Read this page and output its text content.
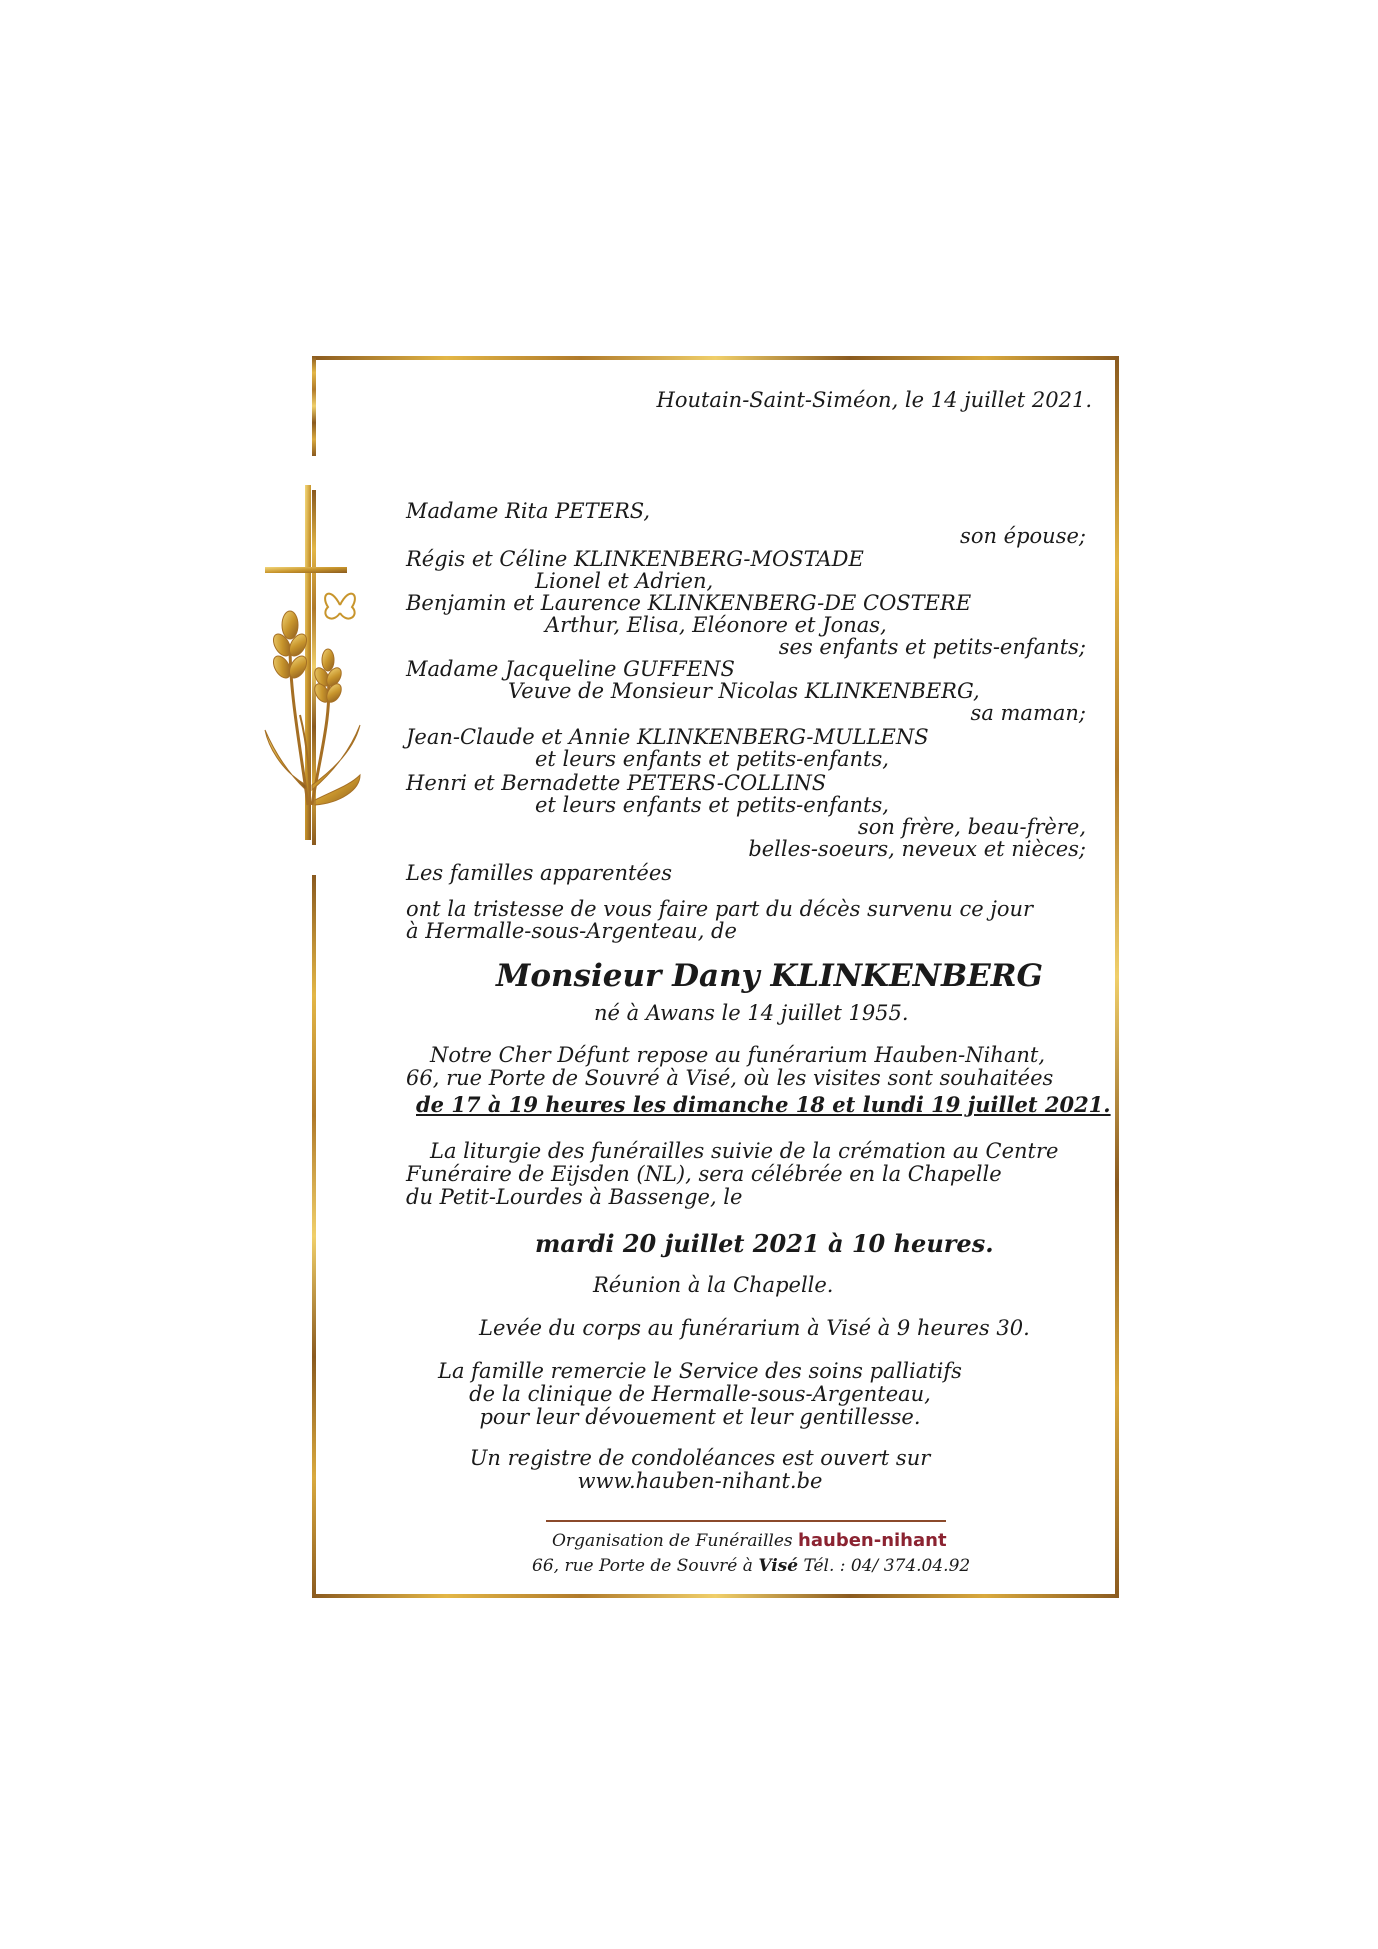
Houtain-Saint-Siméon, le 14 juillet 2021.
Madame Rita PETERS,
son épouse;
Régis et Céline KLINKENBERG-MOSTADE
Lionel et Adrien,
Benjamin et Laurence KLINKENBERG-DE COSTERE
Arthur, Elisa, Eléonore et Jonas,
ses enfants et petits-enfants;
Madame Jacqueline GUFFENS
Veuve de Monsieur Nicolas KLINKENBERG,
sa maman;
Jean-Claude et Annie KLINKENBERG-MULLENS
et leurs enfants et petits-enfants,
Henri et Bernadette PETERS-COLLINS
et leurs enfants et petits-enfants,
son frère, beau-frère,
belles-soeurs, neveux et nièces;
Les familles apparentées
ont la tristesse de vous faire part du décès survenu ce jour
à Hermalle-sous-Argenteau, de
Monsieur Dany KLINKENBERG
né à Awans le 14 juillet 1955.
Notre Cher Défunt repose au funérarium Hauben-Nihant,
66, rue Porte de Souvré à Visé, où les visites sont souhaitées
de 17 à 19 heures les dimanche 18 et lundi 19 juillet 2021.
La liturgie des funérailles suivie de la crémation au Centre
Funéraire de Eijsden (NL), sera célébrée en la Chapelle
du Petit-Lourdes à Bassenge, le
mardi 20 juillet 2021 à 10 heures.
Réunion à la Chapelle.
Levée du corps au funérarium à Visé à 9 heures 30.
La famille remercie le Service des soins palliatifs
de la clinique de Hermalle-sous-Argenteau,
pour leur dévouement et leur gentillesse.
Un registre de condoléances est ouvert sur
www.hauben-nihant.be
Organisation de Funérailles hauben-nihant
66, rue Porte de Souvré à Visé Tél. : 04/ 374.04.92
